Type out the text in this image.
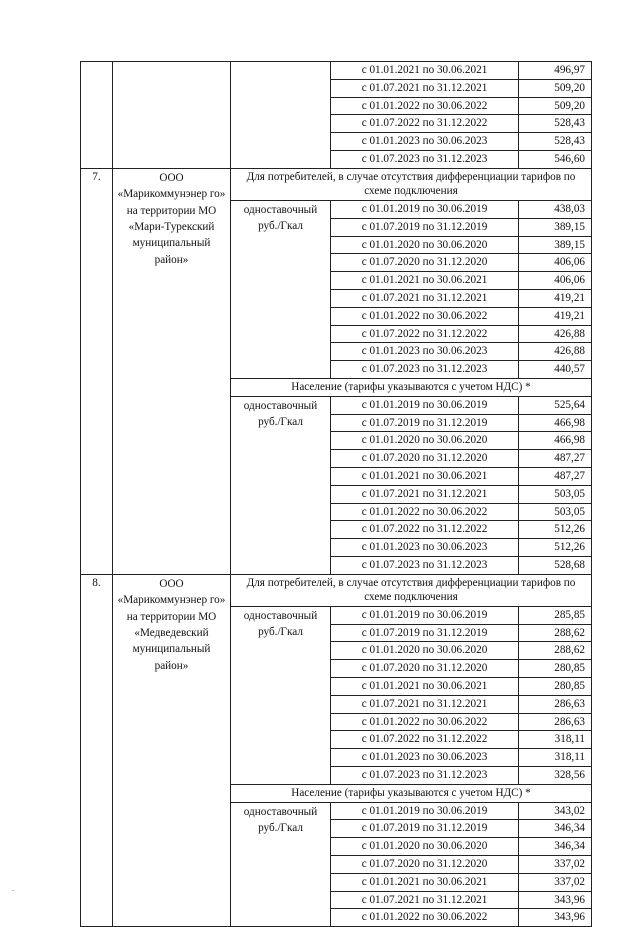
			с 01.01.2021 по 30.06.2021	496,97
			с 01.07.2021 по 31.12.2021	509,20
			с 01.01.2022 по 30.06.2022	509,20
			с 01.07.2022 по 31.12.2022	528,43
			с 01.01.2023 по 30.06.2023	528,43
			с 01.07.2023 по 31.12.2023	546,60
7.	ООО «Марикоммунэнер го» на территории МО «Мари-Турекский муниципальный район»	Для потребителей, в случае отсутствия дифференциации тарифов по схеме подключения		
		одноставочный руб./Гкал	с 01.01.2019 по 30.06.2019	438,03
			с 01.07.2019 по 31.12.2019	389,15
			с 01.01.2020 по 30.06.2020	389,15
			с 01.07.2020 по 31.12.2020	406,06
			с 01.01.2021 по 30.06.2021	406,06
			с 01.07.2021 по 31.12.2021	419,21
			с 01.01.2022 по 30.06.2022	419,21
			с 01.07.2022 по 31.12.2022	426,88
			с 01.01.2023 по 30.06.2023	426,88
			с 01.07.2023 по 31.12.2023	440,57
		Население (тарифы указываются с учетом НДС) *		
		одноставочный руб./Гкал	с 01.01.2019 по 30.06.2019	525,64
			с 01.07.2019 по 31.12.2019	466,98
			с 01.01.2020 по 30.06.2020	466,98
			с 01.07.2020 по 31.12.2020	487,27
			с 01.01.2021 по 30.06.2021	487,27
			с 01.07.2021 по 31.12.2021	503,05
			с 01.01.2022 по 30.06.2022	503,05
			с 01.07.2022 по 31.12.2022	512,26
			с 01.01.2023 по 30.06.2023	512,26
			с 01.07.2023 по 31.12.2023	528,68
8.	ООО «Марикоммунэнер го» на территории МО «Медведевский муниципальный район»	Для потребителей, в случае отсутствия дифференциации тарифов по схеме подключения		
		одноставочный руб./Гкал	с 01.01.2019 по 30.06.2019	285,85
			с 01.07.2019 по 31.12.2019	288,62
			с 01.01.2020 по 30.06.2020	288,62
			с 01.07.2020 по 31.12.2020	280,85
			с 01.01.2021 по 30.06.2021	280,85
			с 01.07.2021 по 31.12.2021	286,63
			с 01.01.2022 по 30.06.2022	286,63
			с 01.07.2022 по 31.12.2022	318,11
			с 01.01.2023 по 30.06.2023	318,11
			с 01.07.2023 по 31.12.2023	328,56
		Население (тарифы указываются с учетом НДС) *		
		одноставочный руб./Гкал	с 01.01.2019 по 30.06.2019	343,02
			с 01.07.2019 по 31.12.2019	346,34
			с 01.01.2020 по 30.06.2020	346,34
			с 01.07.2020 по 31.12.2020	337,02
			с 01.01.2021 по 30.06.2021	337,02
			с 01.07.2021 по 31.12.2021	343,96
			с 01.01.2022 по 30.06.2022	343,96
.
